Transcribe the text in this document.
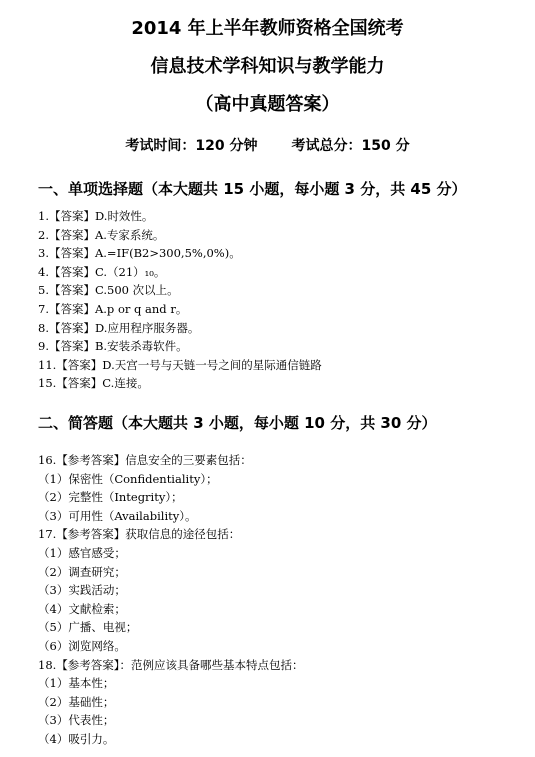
2014 年上半年教师资格全国统考
信息技术学科知识与教学能力
（高中真题答案）
考试时间：120 分钟 考试总分：150 分
一、单项选择题（本大题共 15 小题，每小题 3 分，共 45 分）
1.【答案】D.时效性。
2.【答案】A.专家系统。
3.【答案】A.=IF(B2>300,5%,0%)。
4.【答案】C.（21）₁₀。
5.【答案】C.500 次以上。
7.【答案】A.p or q and r。
8.【答案】D.应用程序服务器。
9.【答案】B.安装杀毒软件。
11.【答案】D.天宫一号与天链一号之间的星际通信链路
15.【答案】C.连接。
二、简答题（本大题共 3 小题，每小题 10 分，共 30 分）
16.【参考答案】信息安全的三要素包括：
（1）保密性（Confidentiality）；
（2）完整性（Integrity）；
（3）可用性（Availability）。
17.【参考答案】获取信息的途径包括：
（1）感官感受；
（2）调查研究；
（3）实践活动；
（4）文献检索；
（5）广播、电视；
（6）浏览网络。
18.【参考答案】：范例应该具备哪些基本特点包括：
（1）基本性；
（2）基础性；
（3）代表性；
（4）吸引力。
